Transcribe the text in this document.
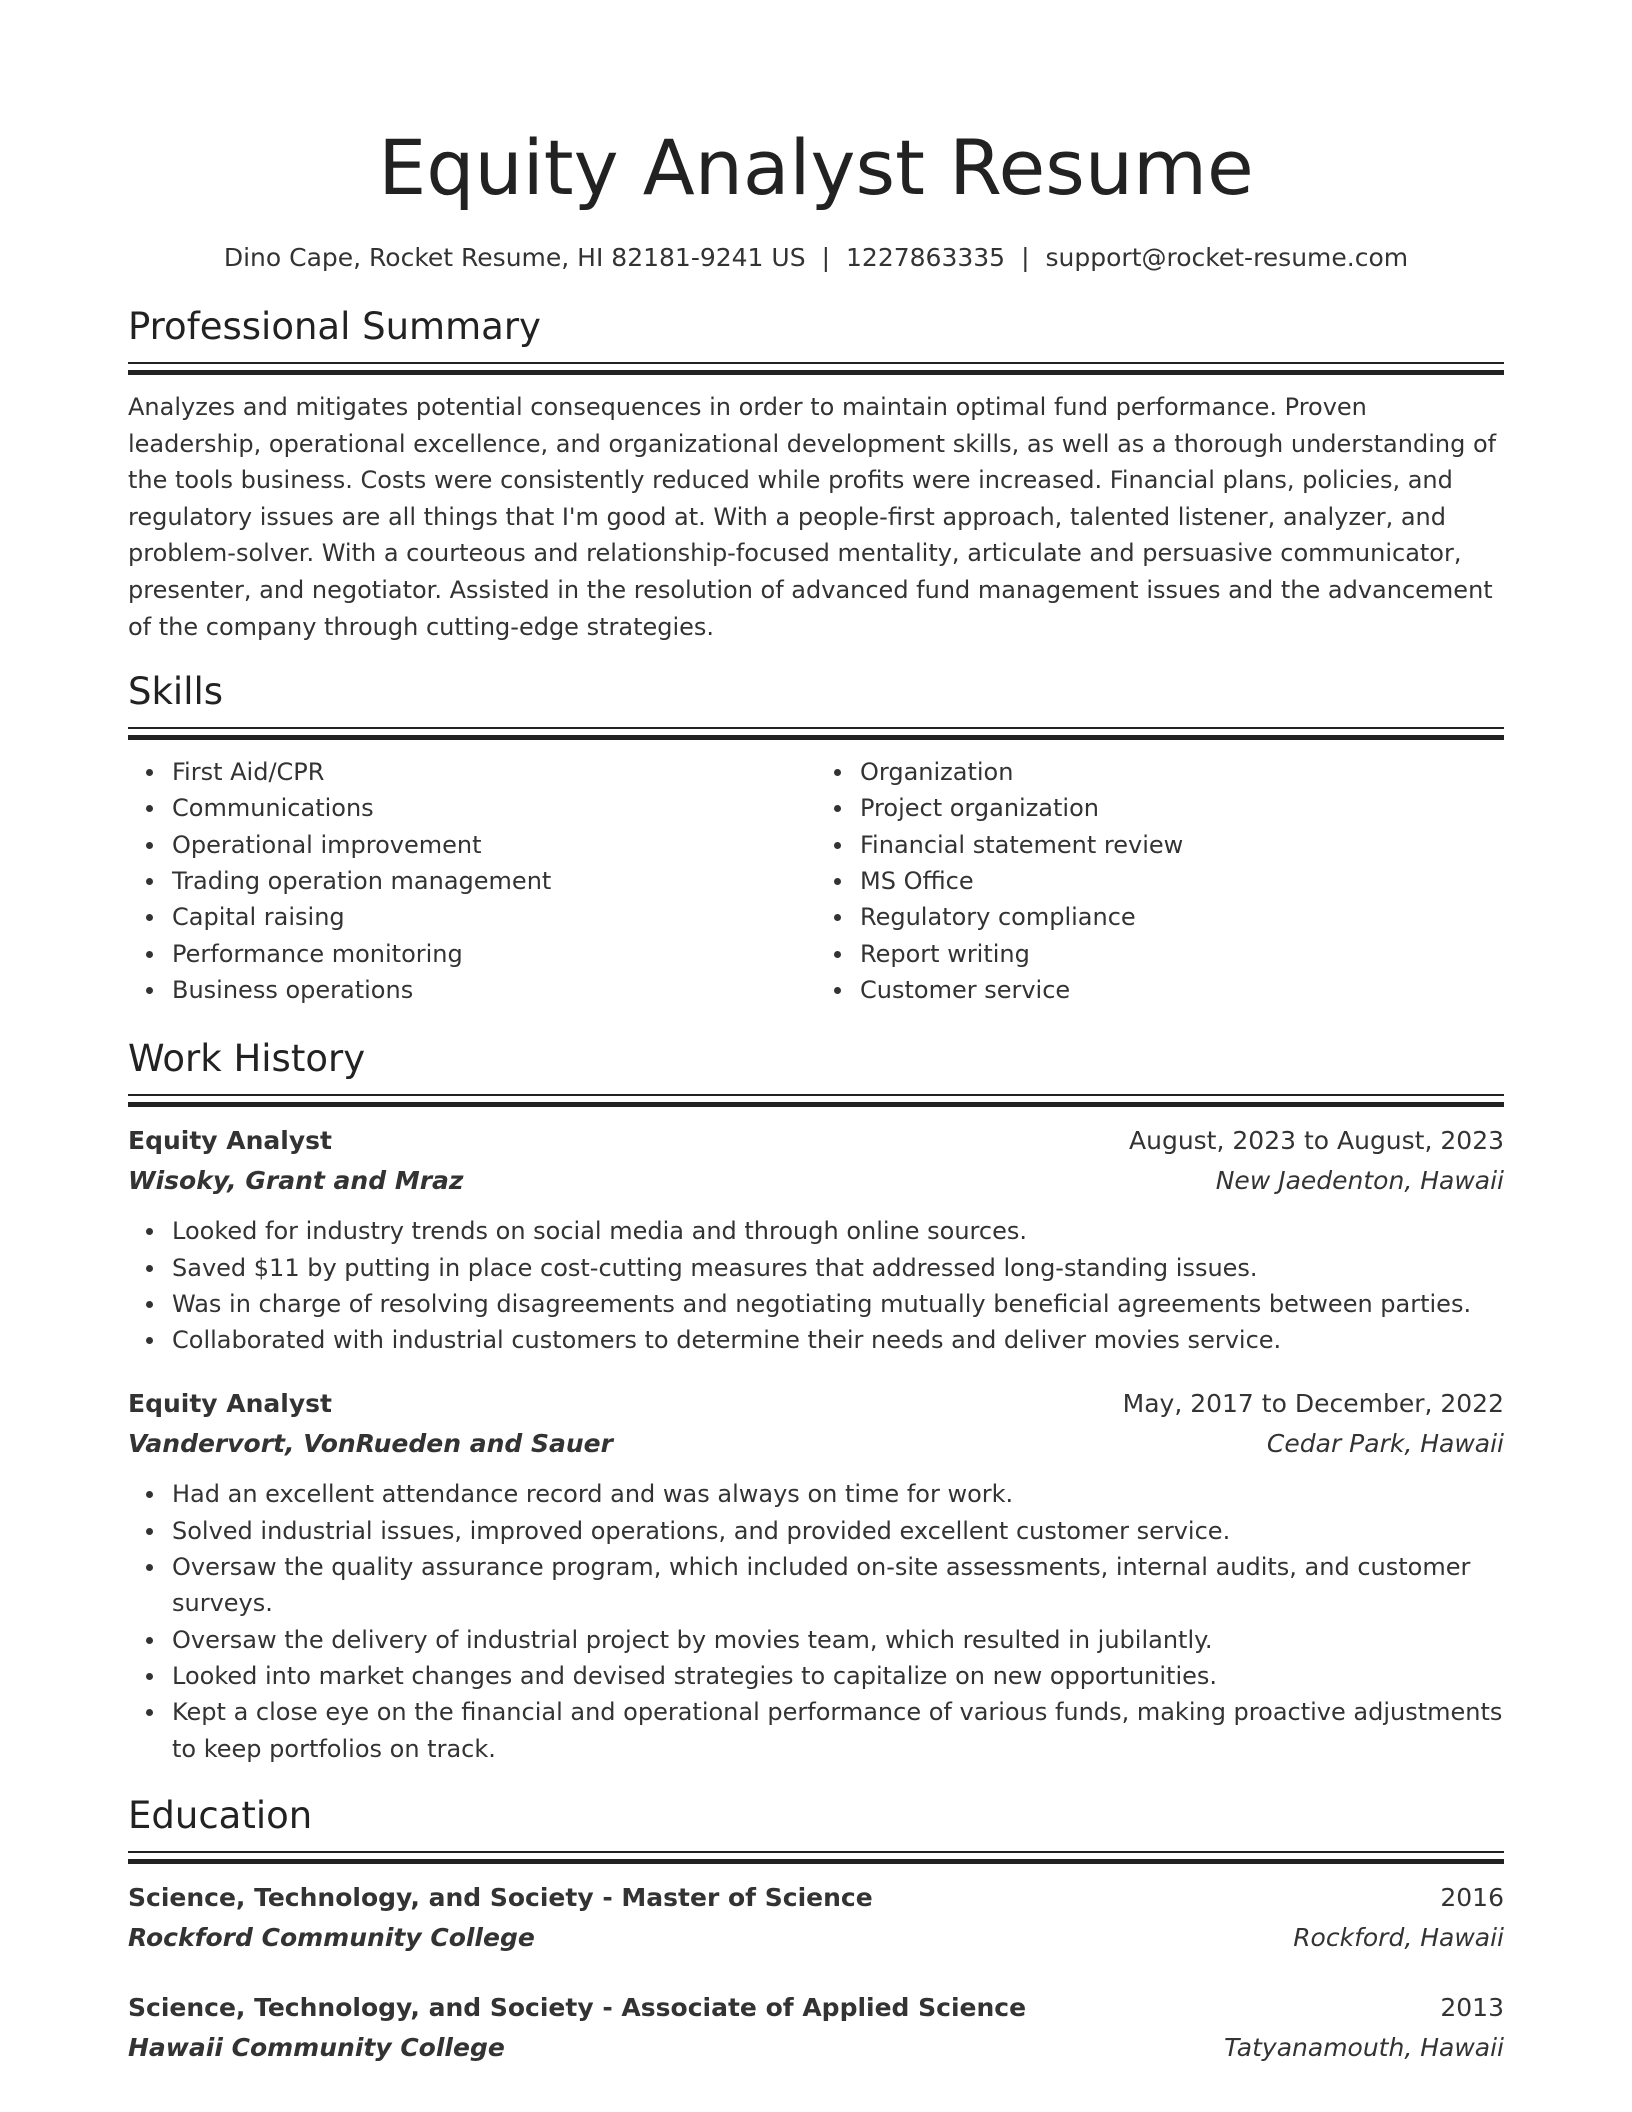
Equity Analyst Resume
Dino Cape, Rocket Resume, HI 82181-9241 US | 1227863335 | support@rocket-resume.com
Professional Summary

Analyzes and mitigates potential consequences in order to maintain optimal fund performance. Proven leadership, operational excellence, and organizational development skills, as well as a thorough understanding of the tools business. Costs were consistently reduced while profits were increased. Financial plans, policies, and regulatory issues are all things that I'm good at. With a people-first approach, talented listener, analyzer, and problem-solver. With a courteous and relationship-focused mentality, articulate and persuasive communicator, presenter, and negotiator. Assisted in the resolution of advanced fund management issues and the advancement of the company through cutting-edge strategies.

Skills
First Aid/CPR
Communications
Operational improvement
Trading operation management
Capital raising
Performance monitoring
Business operations
Organization
Project organization
Financial statement review
MS Office
Regulatory compliance
Report writing
Customer service
Work History
Equity Analyst	August, 2023 to August, 2023
Wisoky, Grant and Mraz	New Jaedenton, Hawaii
Looked for industry trends on social media and through online sources.
Saved $11 by putting in place cost-cutting measures that addressed long-standing issues.
Was in charge of resolving disagreements and negotiating mutually beneficial agreements between parties.
Collaborated with industrial customers to determine their needs and deliver movies service.
Equity Analyst	May, 2017 to December, 2022
Vandervort, VonRueden and Sauer	Cedar Park, Hawaii
Had an excellent attendance record and was always on time for work.
Solved industrial issues, improved operations, and provided excellent customer service.
Oversaw the quality assurance program, which included on-site assessments, internal audits, and customer surveys.
Oversaw the delivery of industrial project by movies team, which resulted in jubilantly.
Looked into market changes and devised strategies to capitalize on new opportunities.
Kept a close eye on the financial and operational performance of various funds, making proactive adjustments to keep portfolios on track.
Education
Science, Technology, and Society - Master of Science	2016
Rockford Community College	Rockford, Hawaii
Science, Technology, and Society - Associate of Applied Science	2013
Hawaii Community College	Tatyanamouth, Hawaii
